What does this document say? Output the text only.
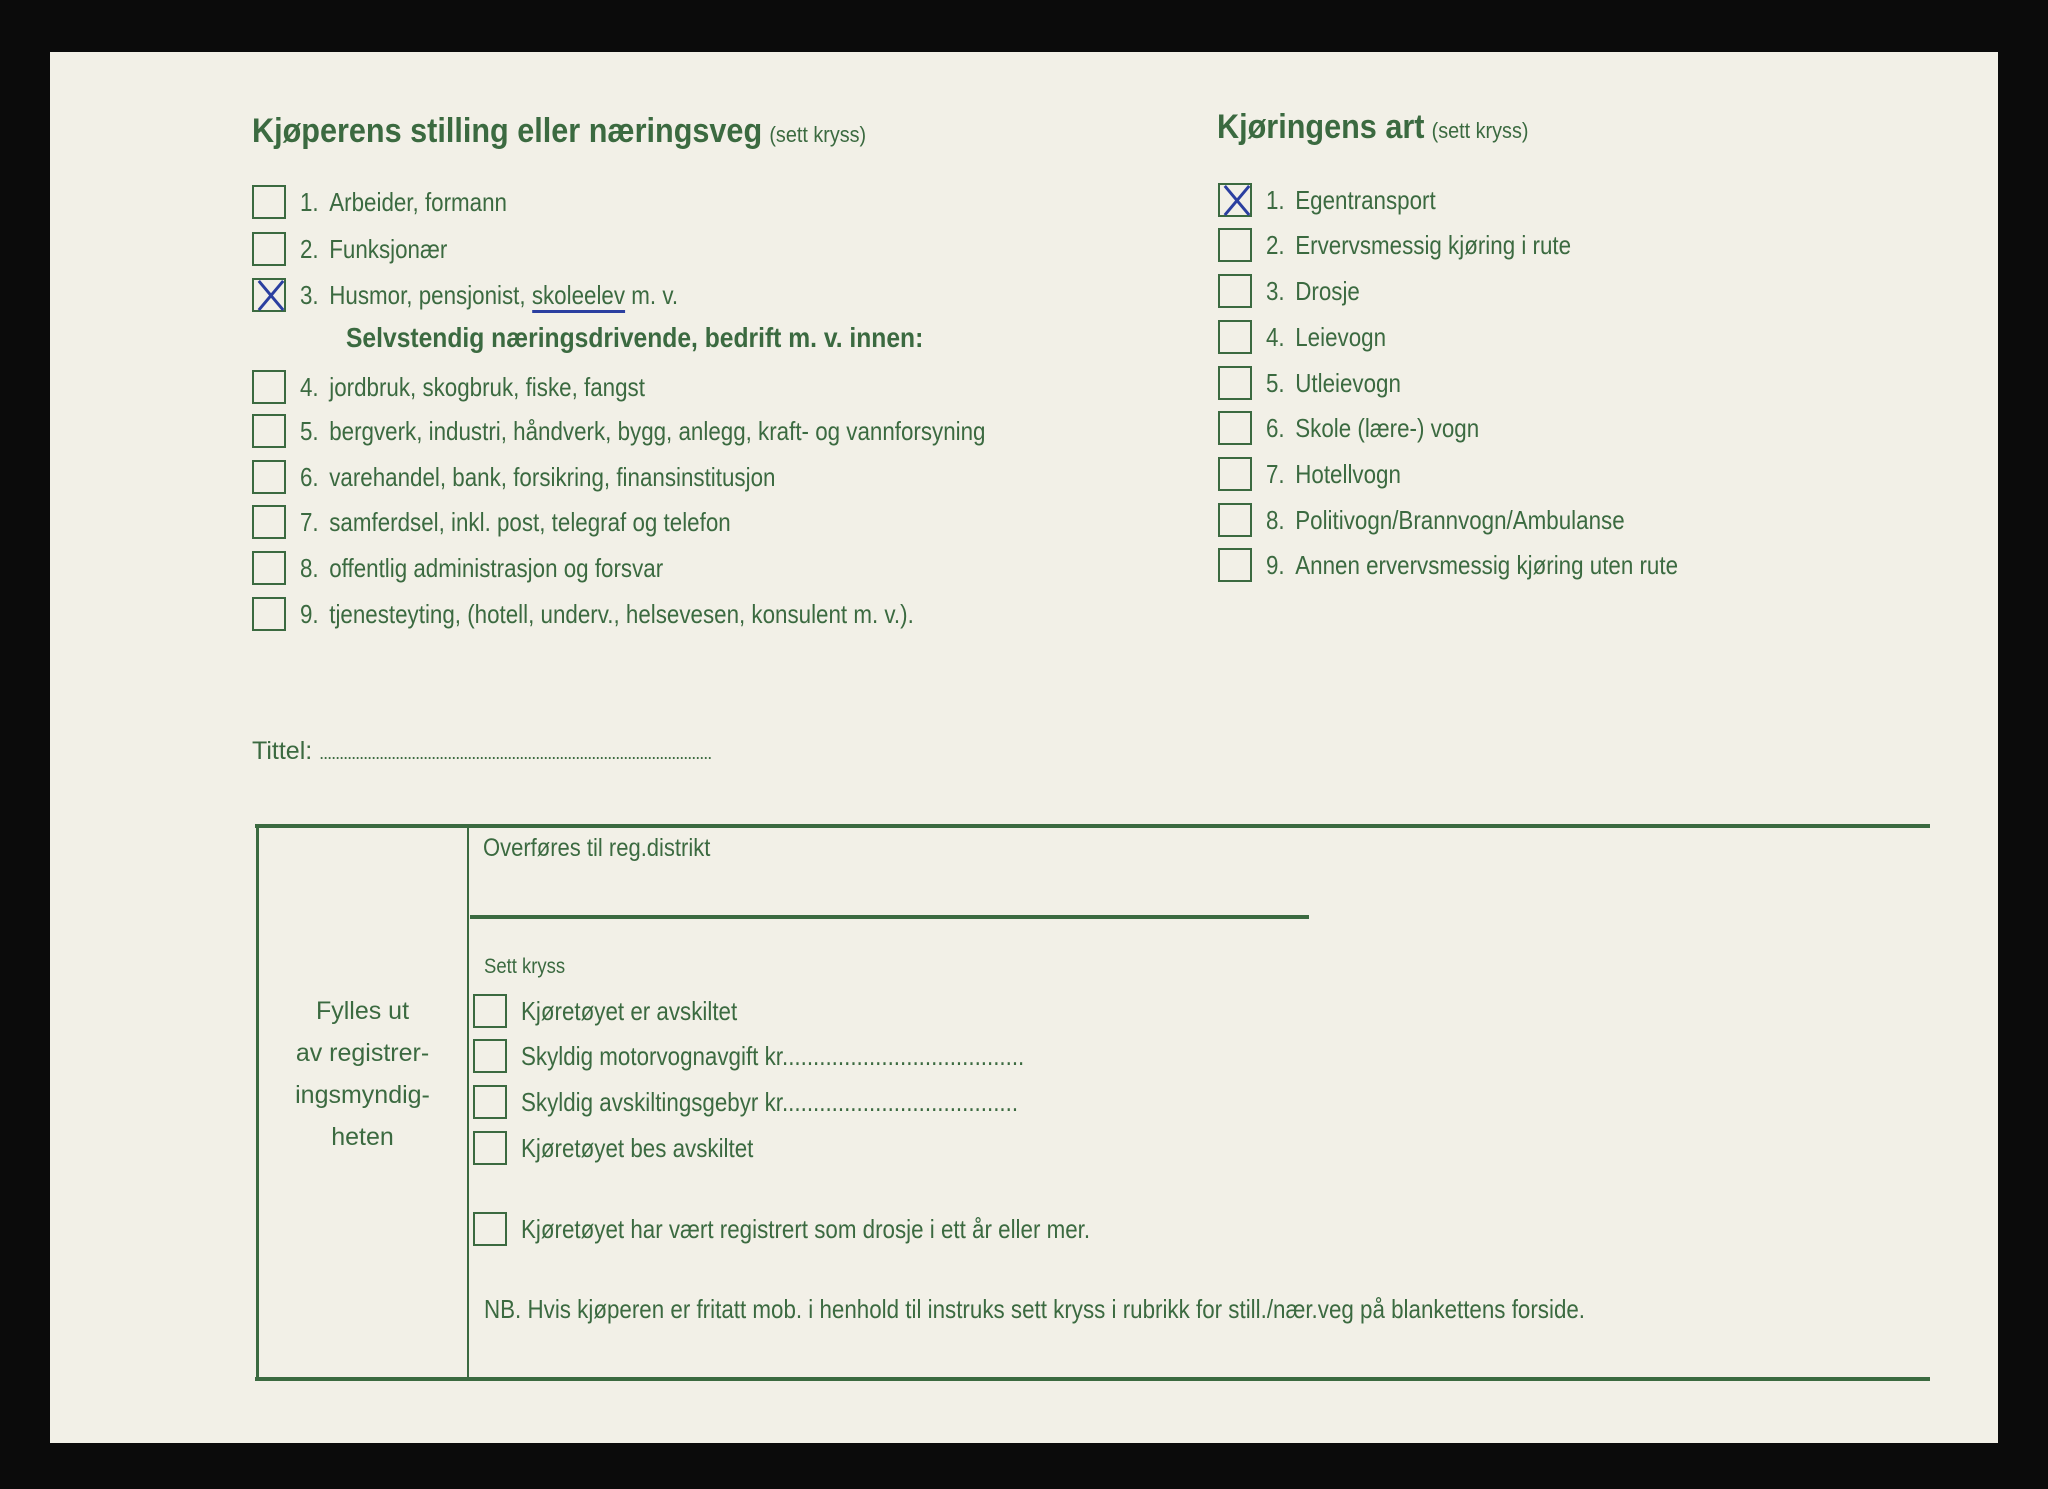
Kjøperens stilling eller næringsveg (sett kryss)
1. Arbeider, formann
2. Funksjonær
3. Husmor, pensjonist, skoleelev m. v.
Selvstendig næringsdrivende, bedrift m. v. innen:
4. jordbruk, skogbruk, fiske, fangst
5. bergverk, industri, håndverk, bygg, anlegg, kraft- og vannforsyning
6. varehandel, bank, forsikring, finansinstitusjon
7. samferdsel, inkl. post, telegraf og telefon
8. offentlig administrasjon og forsvar
9. tjenesteyting, (hotell, underv., helsevesen, konsulent m. v.).
Tittel: ..................................................................................................
Kjøringens art (sett kryss)
1. Egentransport
2. Ervervsmessig kjøring i rute
3. Drosje
4. Leievogn
5. Utleievogn
6. Skole (lære-) vogn
7. Hotellvogn
8. Politivogn/Brannvogn/Ambulanse
9. Annen ervervsmessig kjøring uten rute
Fylles ut
av registrer-
ingsmyndig-
heten
Overføres til reg.distrikt
Sett kryss
Kjøretøyet er avskiltet
Skyldig motorvognavgift kr.......................................
Skyldig avskiltingsgebyr kr......................................
Kjøretøyet bes avskiltet
Kjøretøyet har vært registrert som drosje i ett år eller mer.
NB. Hvis kjøperen er fritatt mob. i henhold til instruks sett kryss i rubrikk for still./nær.veg på blankettens forside.
